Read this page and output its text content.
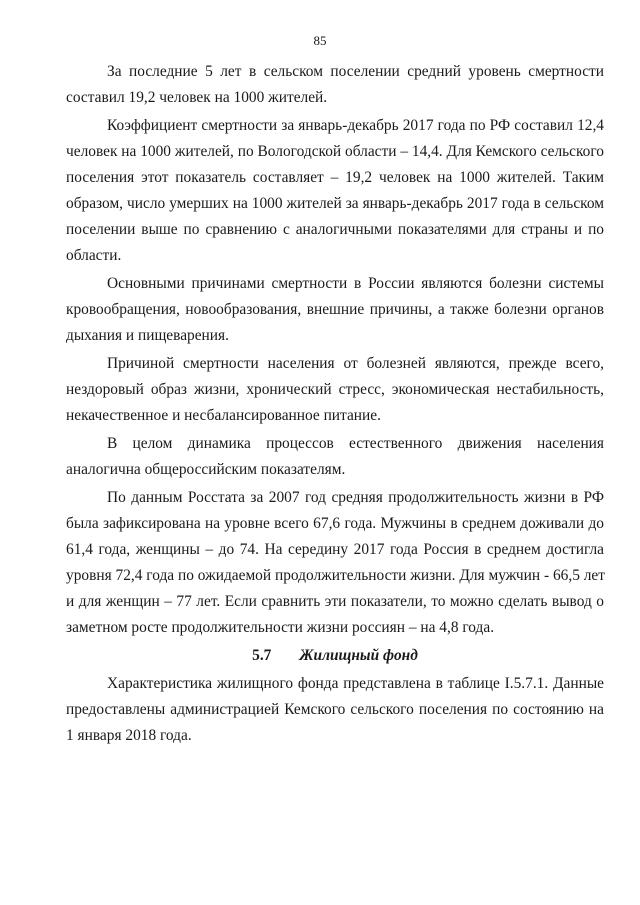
85
За последние 5 лет в сельском поселении средний уровень смертности
составил 19,2 человек на 1000 жителей.
Коэффициент смертности за январь-декабрь 2017 года по РФ составил 12,4
человек на 1000 жителей, по Вологодской области – 14,4. Для Кемского сельского
поселения этот показатель составляет – 19,2 человек на 1000 жителей. Таким
образом, число умерших на 1000 жителей за январь-декабрь 2017 года в сельском
поселении выше по сравнению с аналогичными показателями для страны и по
области.
Основными причинами смертности в России являются болезни системы
кровообращения, новообразования, внешние причины, а также болезни органов
дыхания и пищеварения.
Причиной смертности населения от болезней являются, прежде всего,
нездоровый образ жизни, хронический стресс, экономическая нестабильность,
некачественное и несбалансированное питание.
В целом динамика процессов естественного движения населения
аналогична общероссийским показателям.
По данным Росстата за 2007 год средняя продолжительность жизни в РФ
была зафиксирована на уровне всего 67,6 года. Мужчины в среднем доживали до
61,4 года, женщины – до 74. На середину 2017 года Россия в среднем достигла
уровня 72,4 года по ожидаемой продолжительности жизни. Для мужчин - 66,5 лет
и для женщин – 77 лет. Если сравнить эти показатели, то можно сделать вывод о
заметном росте продолжительности жизни россиян – на 4,8 года.
5.7 Жилищный фонд
Характеристика жилищного фонда представлена в таблице I.5.7.1. Данные
предоставлены администрацией Кемского сельского поселения по состоянию на
1 января 2018 года.
